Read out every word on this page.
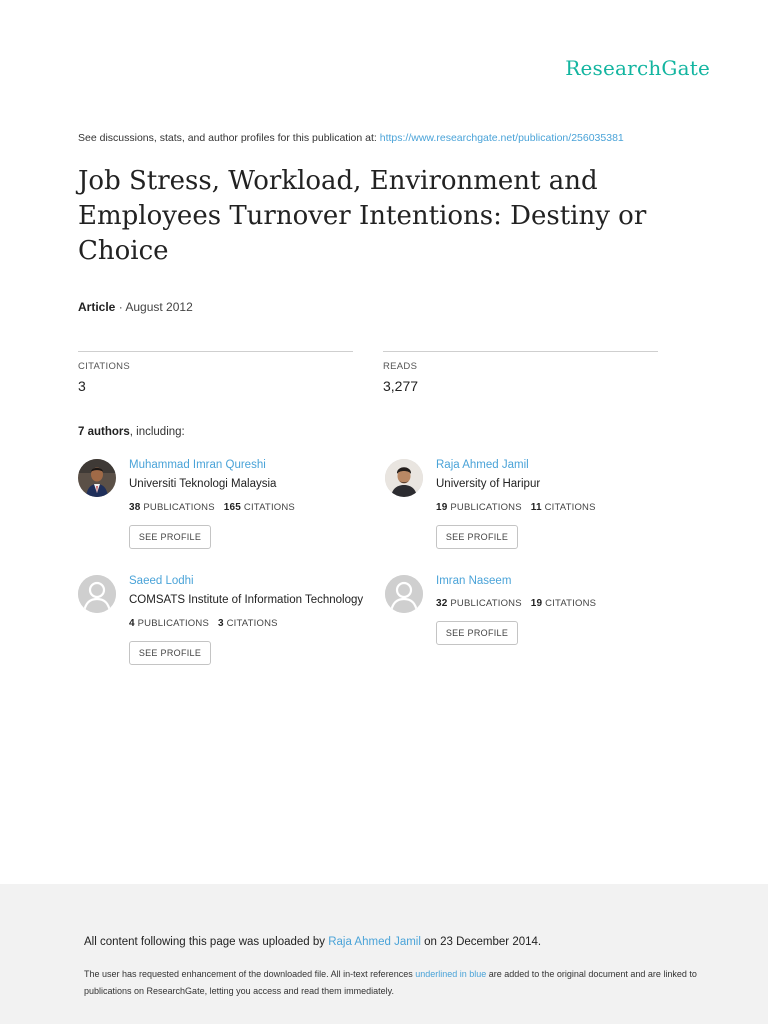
ResearchGate
See discussions, stats, and author profiles for this publication at: https://www.researchgate.net/publication/256035381
Job Stress, Workload, Environment and Employees Turnover Intentions: Destiny or Choice
Article · August 2012
CITATIONS
3
READS
3,277
7 authors, including:
Muhammad Imran Qureshi
Universiti Teknologi Malaysia
38 PUBLICATIONS 165 CITATIONS
SEE PROFILE
Raja Ahmed Jamil
University of Haripur
19 PUBLICATIONS 11 CITATIONS
SEE PROFILE
Saeed Lodhi
COMSATS Institute of Information Technology
4 PUBLICATIONS 3 CITATIONS
SEE PROFILE
Imran Naseem
32 PUBLICATIONS 19 CITATIONS
SEE PROFILE
All content following this page was uploaded by Raja Ahmed Jamil on 23 December 2014.
The user has requested enhancement of the downloaded file. All in-text references underlined in blue are added to the original document and are linked to publications on ResearchGate, letting you access and read them immediately.
